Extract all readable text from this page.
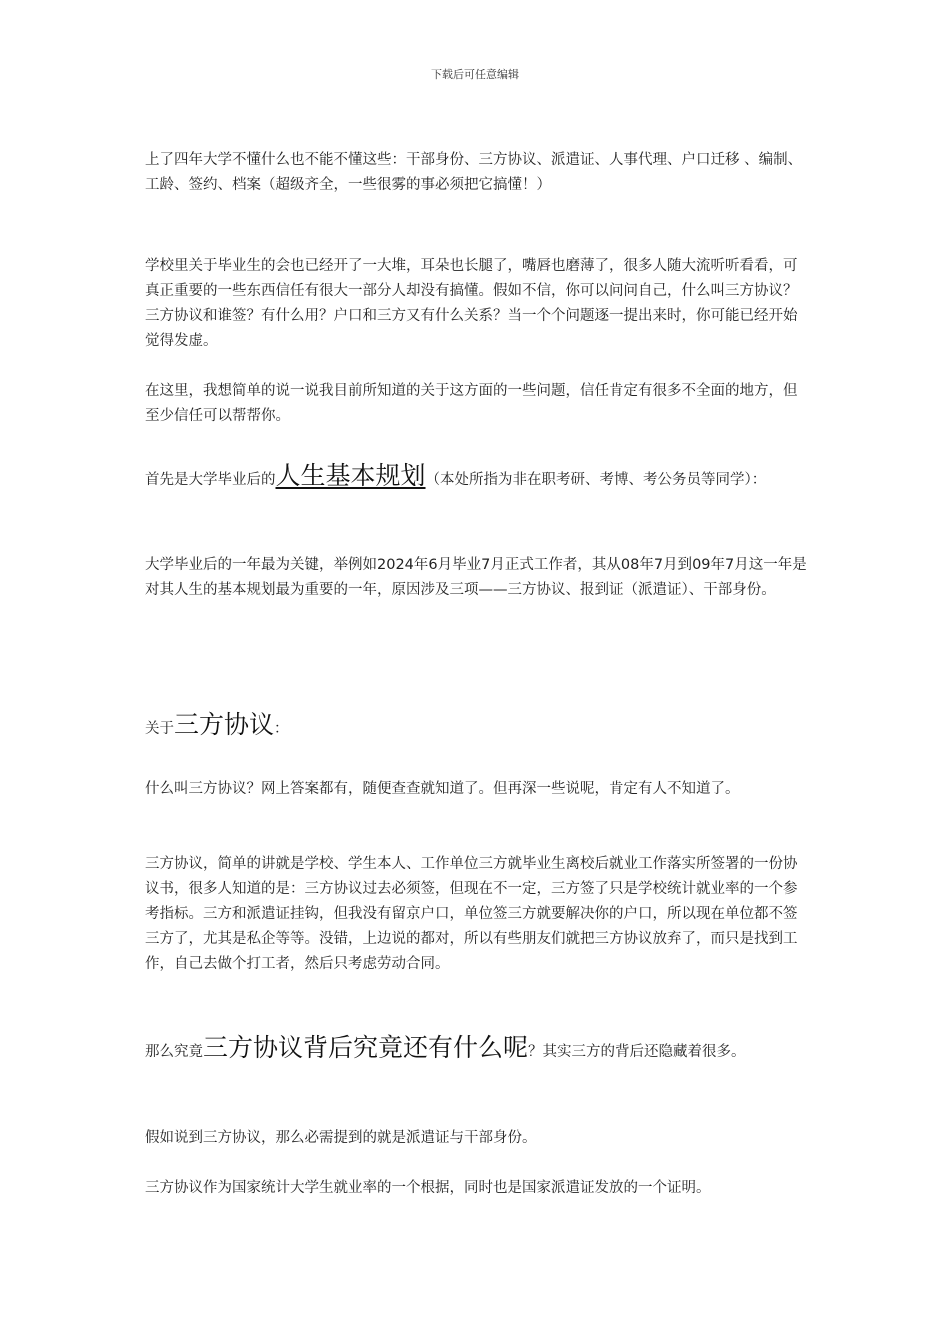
下载后可任意编辑

上了四年大学不懂什么也不能不懂这些：干部身份、三方协议、派遣证、人事代理、户口迁移 、编制、工龄、签约、档案（超级齐全，一些很雾的事必须把它搞懂！）

学校里关于毕业生的会也已经开了一大堆，耳朵也长腿了，嘴唇也磨薄了，很多人随大流听听看看，可真正重要的一些东西信任有很大一部分人却没有搞懂。假如不信，你可以问问自己，什么叫三方协议？三方协议和谁签？有什么用？户口和三方又有什么关系？当一个个问题逐一提出来时，你可能已经开始觉得发虚。

在这里，我想简单的说一说我目前所知道的关于这方面的一些问题，信任肯定有很多不全面的地方，但至少信任可以帮帮你。

首先是大学毕业后的人生基本规划（本处所指为非在职考研、考博、考公务员等同学）：

大学毕业后的一年最为关键，举例如2024年6月毕业7月正式工作者，其从08年7月到09年7月这一年是对其人生的基本规划最为重要的一年，原因涉及三项——三方协议、报到证（派遣证）、干部身份。

关于三方协议：

什么叫三方协议？网上答案都有，随便查查就知道了。但再深一些说呢，肯定有人不知道了。

三方协议，简单的讲就是学校、学生本人、工作单位三方就毕业生离校后就业工作落实所签署的一份协议书，很多人知道的是：三方协议过去必须签，但现在不一定，三方签了只是学校统计就业率的一个参考指标。三方和派遣证挂钩，但我没有留京户口，单位签三方就要解决你的户口，所以现在单位都不签三方了，尤其是私企等等。没错，上边说的都对，所以有些朋友们就把三方协议放弃了，而只是找到工作，自己去做个打工者，然后只考虑劳动合同。

那么究竟三方协议背后究竟还有什么呢？其实三方的背后还隐藏着很多。

假如说到三方协议，那么必需提到的就是派遣证与干部身份。

三方协议作为国家统计大学生就业率的一个根据，同时也是国家派遣证发放的一个证明。
